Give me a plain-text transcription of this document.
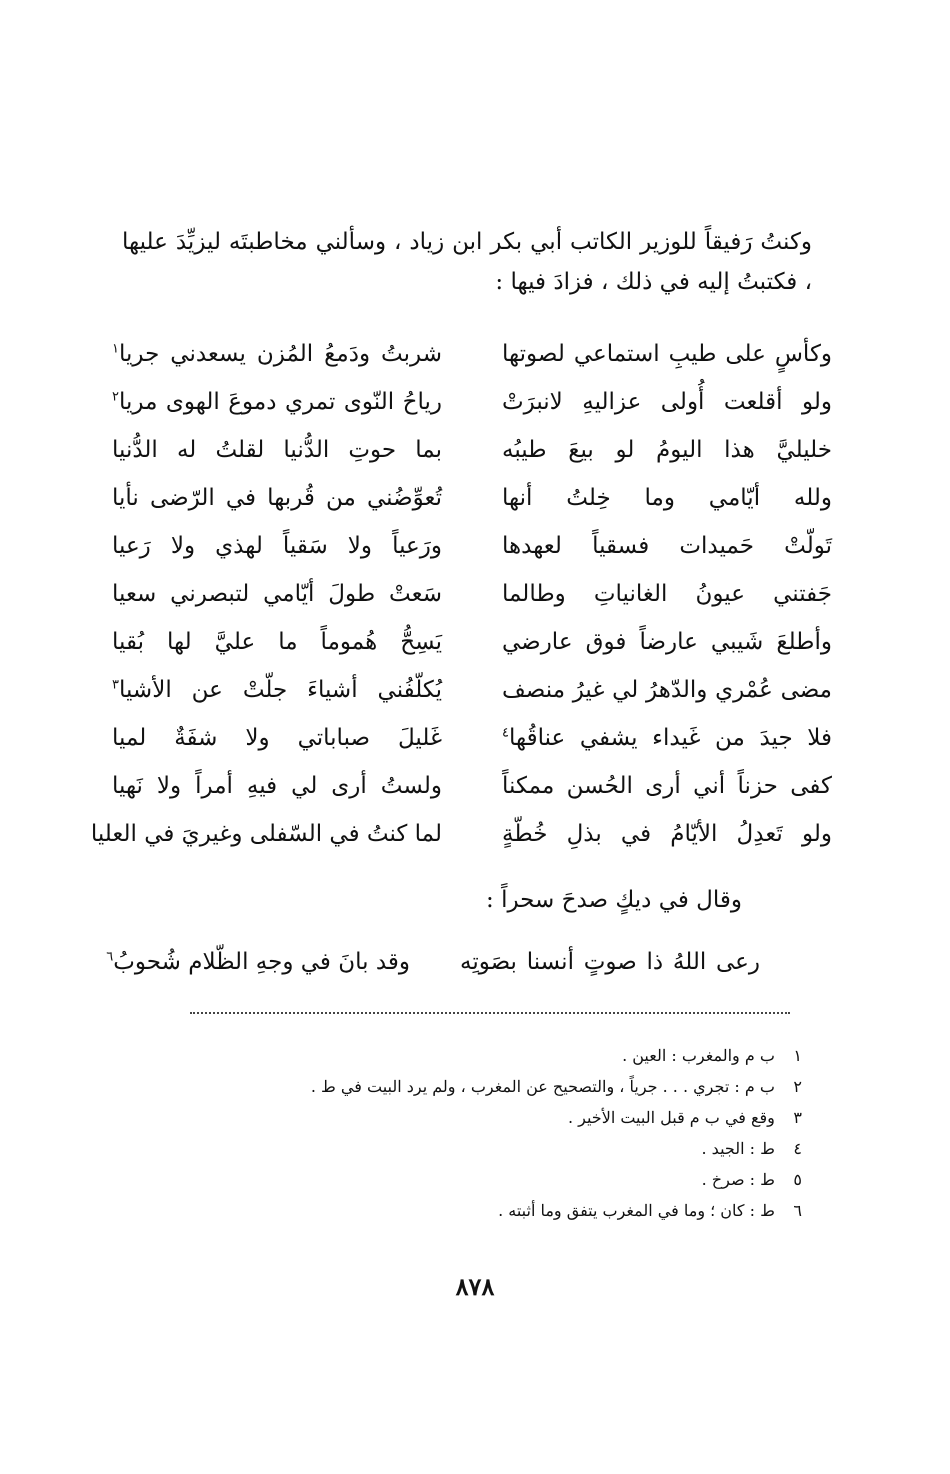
وكنتُ رَفيقاً للوزير الكاتب أبي بكر ابن زياد ، وسألني مخاطبتَه ليزيِّدَ عليها ، فكتبتُ إليه في ذلك ، فزادَ فيها :

وكأسٍ على طيبِ استماعي لصوتها
شربتُ ودَمعُ المُزن يسعدني جريا$^١$
ولو أقلعت أُولى عزاليهِ لانبرَتْ
رياحُ النّوى تمري دموعَ الهوى مريا$^٢$
خليليَّ هذا اليومُ لو بيعَ طيبُه
بما حوتِ الدُّنيا لقلتُ له الدُّنيا
ولله أيّامي وما خِلتُ أنها
تُعوِّضُني من قُربها في الرّضى نأيا
تَولّتْ حَميدات فسقياً لعهدها
ورَعياً ولا سَقياً لهذي ولا رَعيا
جَفتني عيونُ الغانياتِ وطالما
سَعتْ طولَ أيّامي لتبصرني سعيا
وأطلعَ شَيبي عارضاً فوق عارضي
يَسِحُّ هُموماً ما عليَّ لها بُقيا
مضى عُمْري والدّهرُ لي غيرُ منصف
يُكلّفُني أشياءَ جلّتْ عن الأشيا$^٣$
فلا جيدَ من غَيداء يشفي عناقُها$^٤$
غَليلَ صباباتي ولا شفَةٌ لميا
كفى حزناً أني أرى الحُسن ممكناً
ولستُ أرى لي فيهِ أمراً ولا نَهيا
ولو تَعدِلُ الأيّامُ في بذلِ خُطّةٍ
لما كنتُ في السّفلى وغيريَ في العليا
وقال في ديكٍ صدحَ سحراً :
رعى اللهُ ذا صوتٍ أنسنا بصَوتِه
وقد بانَ في وجهِ الظّلام شُحوبُ$^٦$
١ ب م والمغرب : العين .
٢ ب م : تجري . . . جرياً ، والتصحيح عن المغرب ، ولم يرد البيت في ط .
٣ وقع في ب م قبل البيت الأخير .
٤ ط : الجيد .
٥ ط : صرخ .
٦ ط : كان ؛ وما في المغرب يتفق وما أثبته .
٨٧٨
